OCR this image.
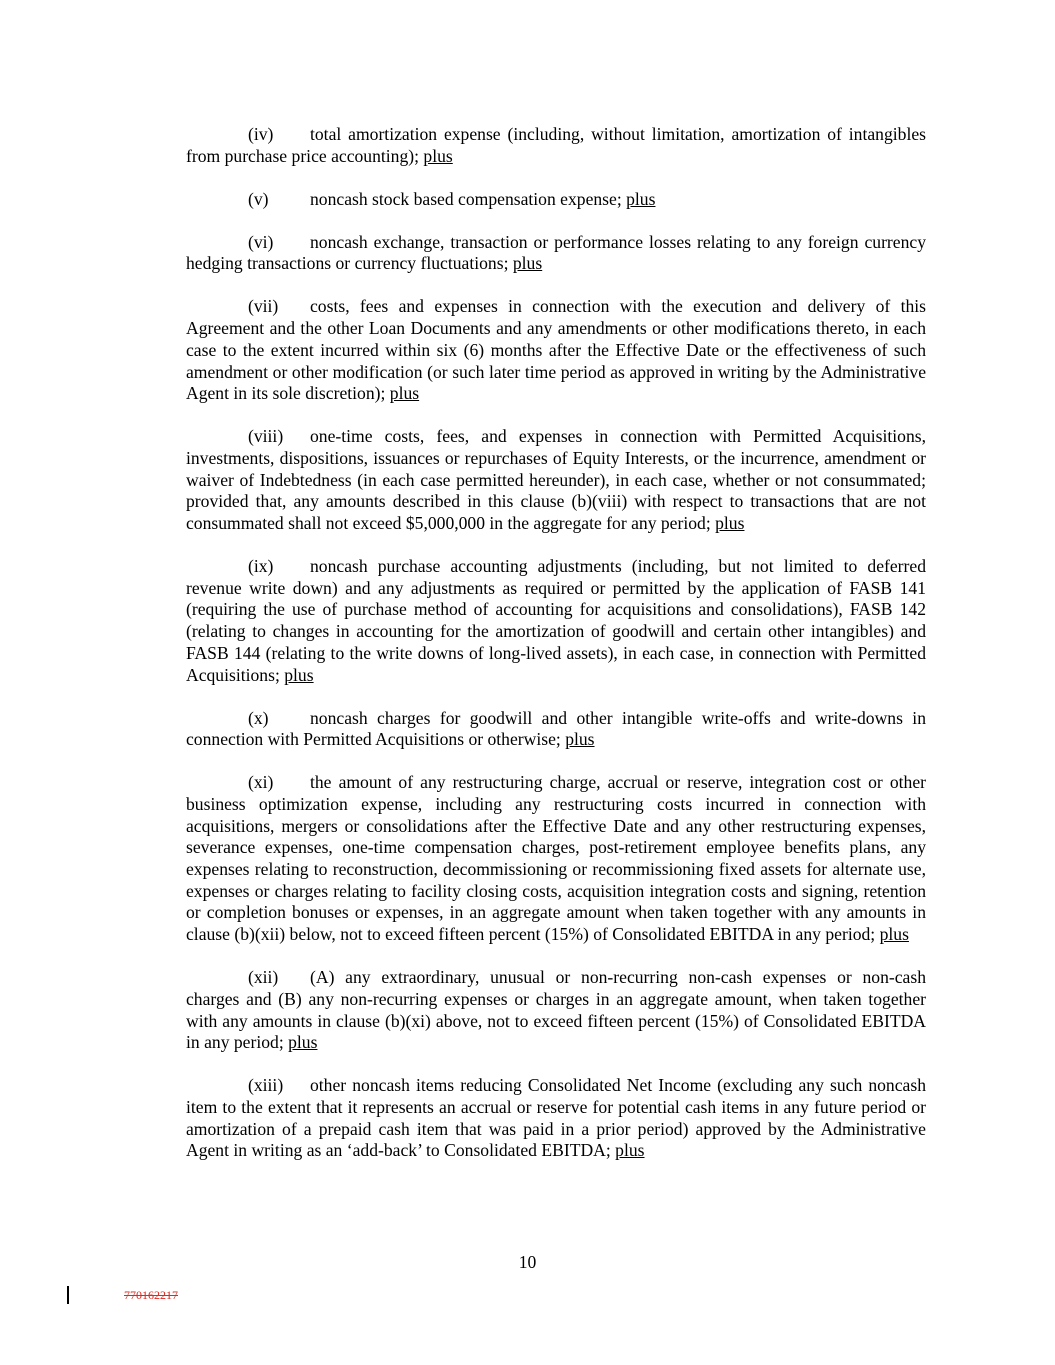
(iv) total amortization expense (including, without limitation, amortization of intangibles from purchase price accounting); plus

(v) noncash stock based compensation expense; plus

(vi) noncash exchange, transaction or performance losses relating to any foreign currency hedging transactions or currency fluctuations; plus

(vii) costs, fees and expenses in connection with the execution and delivery of this Agreement and the other Loan Documents and any amendments or other modifications thereto, in each case to the extent incurred within six (6) months after the Effective Date or the effectiveness of such amendment or other modification (or such later time period as approved in writing by the Administrative Agent in its sole discretion); plus

(viii) one-time costs, fees, and expenses in connection with Permitted Acquisitions, investments, dispositions, issuances or repurchases of Equity Interests, or the incurrence, amendment or waiver of Indebtedness (in each case permitted hereunder), in each case, whether or not consummated; provided that, any amounts described in this clause (b)(viii) with respect to transactions that are not consummated shall not exceed $5,000,000 in the aggregate for any period; plus

(ix) noncash purchase accounting adjustments (including, but not limited to deferred revenue write down) and any adjustments as required or permitted by the application of FASB 141 (requiring the use of purchase method of accounting for acquisitions and consolidations), FASB 142 (relating to changes in accounting for the amortization of goodwill and certain other intangibles) and FASB 144 (relating to the write downs of long-lived assets), in each case, in connection with Permitted Acquisitions; plus

(x) noncash charges for goodwill and other intangible write-offs and write-downs in connection with Permitted Acquisitions or otherwise; plus

(xi) the amount of any restructuring charge, accrual or reserve, integration cost or other business optimization expense, including any restructuring costs incurred in connection with acquisitions, mergers or consolidations after the Effective Date and any other restructuring expenses, severance expenses, one-time compensation charges, post-retirement employee benefits plans, any expenses relating to reconstruction, decommissioning or recommissioning fixed assets for alternate use, expenses or charges relating to facility closing costs, acquisition integration costs and signing, retention or completion bonuses or expenses, in an aggregate amount when taken together with any amounts in clause (b)(xii) below, not to exceed fifteen percent (15%) of Consolidated EBITDA in any period; plus

(xii) (A) any extraordinary, unusual or non-recurring non-cash expenses or non-cash charges and (B) any non-recurring expenses or charges in an aggregate amount, when taken together with any amounts in clause (b)(xi) above, not to exceed fifteen percent (15%) of Consolidated EBITDA in any period; plus

(xiii) other noncash items reducing Consolidated Net Income (excluding any such noncash item to the extent that it represents an accrual or reserve for potential cash items in any future period or amortization of a prepaid cash item that was paid in a prior period) approved by the Administrative Agent in writing as an ‘add-back’ to Consolidated EBITDA; plus

10
770162217
